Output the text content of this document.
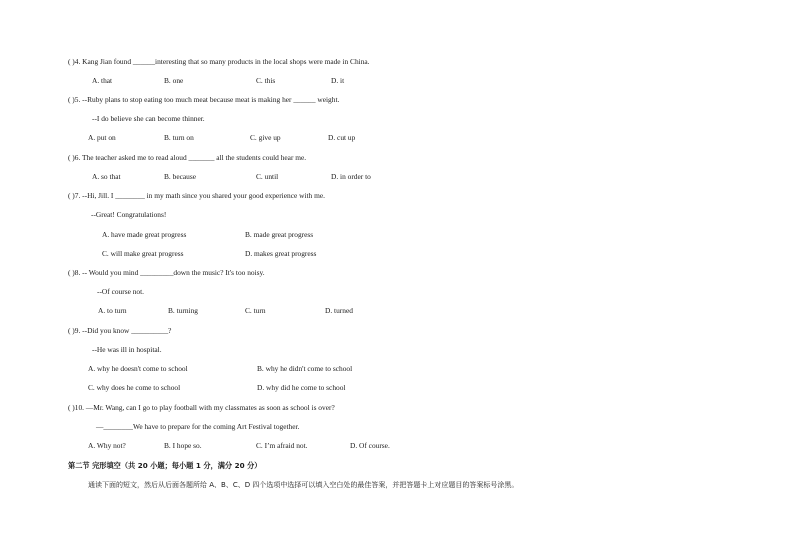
( )4. Kang Jian found ______interesting that so many products in the local shops were made in China.
A. that	B. one	C. this	D. it
( )5. --Ruby plans to stop eating too much meat because meat is making her ______ weight.
--I do believe she can become thinner.
A. put on	B. turn on	C. give up	D. cut up
( )6. The teacher asked me to read aloud _______ all the students could hear me.
A. so that	B. because	C. until	D. in order to
( )7. --Hi, Jill. I ________ in my math since you shared your good experience with me.
--Great! Congratulations!
A. have made great progress	B. made great progress
C. will make great progress	D. makes great progress
( )8. -- Would you mind _________down the music? It's too noisy.
--Of course not.
A. to turn	B. turning	C. turn	D. turned
( )9. --Did you know __________?
--He was ill in hospital.
A. why he doesn't come to school	B. why he didn't come to school
C. why does he come to school	D. why did he come to school
( )10. —Mr. Wang, can I go to play football with my classmates as soon as school is over?
—________We have to prepare for the coming Art Festival together.
A. Why not?	B. I hope so.	C. I’m afraid not.	D. Of course.
第二节 完形填空（共 20 小题；每小题 1 分，满分 20 分）
通读下面的短文，然后从后面各题所给 A、B、C、D 四个选项中选择可以填入空白处的最佳答案，并把答题卡上对应题目的答案标号涂黑。
